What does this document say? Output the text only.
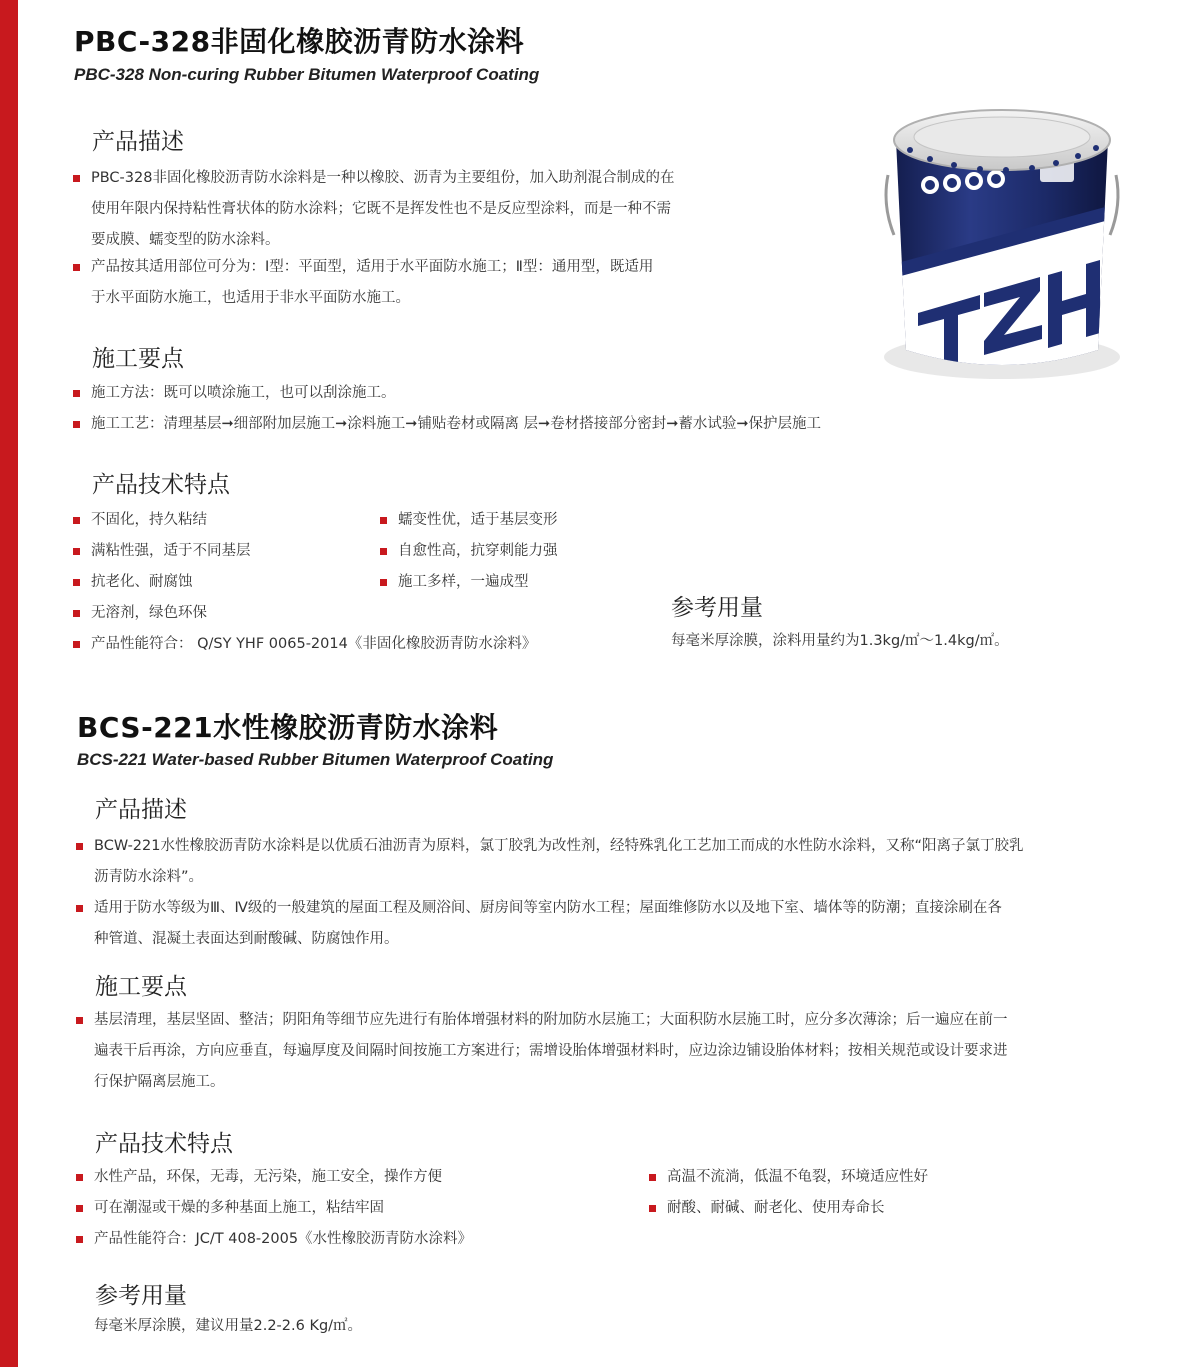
PBC-328非固化橡胶沥青防水涂料
PBC-328 Non-curing Rubber Bitumen Waterproof Coating
产品描述
PBC-328非固化橡胶沥青防水涂料是一种以橡胶、沥青为主要组份，加入助剂混合制成的在
使用年限内保持粘性膏状体的防水涂料；它既不是挥发性也不是反应型涂料，而是一种不需
要成膜、蠕变型的防水涂料。
产品按其适用部位可分为：Ⅰ型：平面型，适用于水平面防水施工；Ⅱ型：通用型，既适用
于水平面防水施工，也适用于非水平面防水施工。
施工要点
施工方法：既可以喷涂施工，也可以刮涂施工。
施工工艺：清理基层➞细部附加层施工➞涂料施工➞铺贴卷材或隔离 层➞卷材搭接部分密封➞蓄水试验➞保护层施工
产品技术特点
不固化，持久粘结
满粘性强，适于不同基层
抗老化、耐腐蚀
无溶剂，绿色环保
产品性能符合： Q/SY YHF 0065-2014《非固化橡胶沥青防水涂料》
蠕变性优，适于基层变形
自愈性高，抗穿刺能力强
施工多样，一遍成型
参考用量
每毫米厚涂膜，涂料用量约为1.3kg/㎡～1.4kg/㎡。
BCS-221水性橡胶沥青防水涂料
BCS-221 Water-based Rubber Bitumen Waterproof Coating
产品描述
BCW-221水性橡胶沥青防水涂料是以优质石油沥青为原料，氯丁胶乳为改性剂，经特殊乳化工艺加工而成的水性防水涂料，又称“阳离子氯丁胶乳
沥青防水涂料”。
适用于防水等级为Ⅲ、Ⅳ级的一般建筑的屋面工程及厕浴间、厨房间等室内防水工程；屋面维修防水以及地下室、墙体等的防潮；直接涂刷在各
种管道、混凝土表面达到耐酸碱、防腐蚀作用。
施工要点
基层清理，基层坚固、整洁；阴阳角等细节应先进行有胎体增强材料的附加防水层施工；大面积防水层施工时，应分多次薄涂；后一遍应在前一
遍表干后再涂，方向应垂直，每遍厚度及间隔时间按施工方案进行；需增设胎体增强材料时，应边涂边铺设胎体材料；按相关规范或设计要求进
行保护隔离层施工。
产品技术特点
水性产品，环保，无毒，无污染，施工安全，操作方便
可在潮湿或干燥的多种基面上施工，粘结牢固
产品性能符合：JC/T 408-2005《水性橡胶沥青防水涂料》
高温不流淌，低温不龟裂，环境适应性好
耐酸、耐碱、耐老化、使用寿命长
参考用量
每毫米厚涂膜，建议用量2.2-2.6 Kg/㎡。
